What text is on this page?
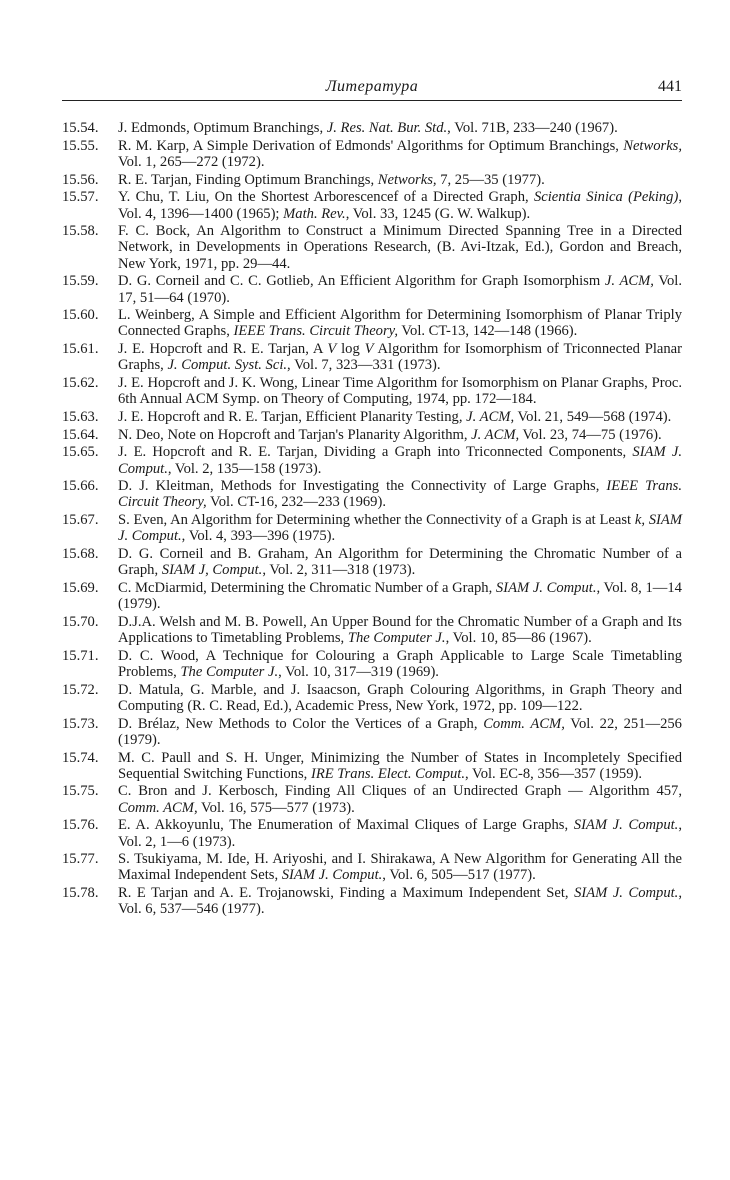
Литература	441
15.54.	J. Edmonds, Optimum Branchings, J. Res. Nat. Bur. Std., Vol. 71B, 233—240 (1967).
15.55.	R. M. Karp, A Simple Derivation of Edmonds' Algorithms for Optimum Branchings, Networks, Vol. 1, 265—272 (1972).
15.56.	R. E. Tarjan, Finding Optimum Branchings, Networks, 7, 25—35 (1977).
15.57.	Y. Chu, T. Liu, On the Shortest Arborescencef of a Directed Graph, Scientia Sinica (Peking), Vol. 4, 1396—1400 (1965); Math. Rev., Vol. 33, 1245 (G. W. Walkup).
15.58.	F. C. Bock, An Algorithm to Construct a Minimum Directed Spanning Tree in a Directed Network, in Developments in Operations Research, (B. Avi-Itzak, Ed.), Gordon and Breach, New York, 1971, pp. 29—44.
15.59.	D. G. Corneil and C. C. Gotlieb, An Efficient Algorithm for Graph Isomorphism J. ACM, Vol. 17, 51—64 (1970).
15.60.	L. Weinberg, A Simple and Efficient Algorithm for Determining Isomorphism of Planar Triply Connected Graphs, IEEE Trans. Circuit Theory, Vol. CT-13, 142—148 (1966).
15.61.	J. E. Hopcroft and R. E. Tarjan, A V log V Algorithm for Isomorphism of Triconnected Planar Graphs, J. Comput. Syst. Sci., Vol. 7, 323—331 (1973).
15.62.	J. E. Hopcroft and J. K. Wong, Linear Time Algorithm for Isomorphism on Planar Graphs, Proc. 6th Annual ACM Symp. on Theory of Computing, 1974, pp. 172—184.
15.63.	J. E. Hopcroft and R. E. Tarjan, Efficient Planarity Testing, J. ACM, Vol. 21, 549—568 (1974).
15.64.	N. Deo, Note on Hopcroft and Tarjan's Planarity Algorithm, J. ACM, Vol. 23, 74—75 (1976).
15.65.	J. E. Hopcroft and R. E. Tarjan, Dividing a Graph into Triconnected Components, SIAM J. Comput., Vol. 2, 135—158 (1973).
15.66.	D. J. Kleitman, Methods for Investigating the Connectivity of Large Graphs, IEEE Trans. Circuit Theory, Vol. CT-16, 232—233 (1969).
15.67.	S. Even, An Algorithm for Determining whether the Connectivity of a Graph is at Least k, SIAM J. Comput., Vol. 4, 393—396 (1975).
15.68.	D. G. Corneil and B. Graham, An Algorithm for Determining the Chromatic Number of a Graph, SIAM J, Comput., Vol. 2, 311—318 (1973).
15.69.	C. McDiarmid, Determining the Chromatic Number of a Graph, SIAM J. Comput., Vol. 8, 1—14 (1979).
15.70.	D.J.A. Welsh and M. B. Powell, An Upper Bound for the Chromatic Number of a Graph and Its Applications to Timetabling Problems, The Computer J., Vol. 10, 85—86 (1967).
15.71.	D. C. Wood, A Technique for Colouring a Graph Applicable to Large Scale Timetabling Problems, The Computer J., Vol. 10, 317—319 (1969).
15.72.	D. Matula, G. Marble, and J. Isaacson, Graph Colouring Algorithms, in Graph Theory and Computing (R. C. Read, Ed.), Academic Press, New York, 1972, pp. 109—122.
15.73.	D. Brélaz, New Methods to Color the Vertices of a Graph, Comm. ACM, Vol. 22, 251—256 (1979).
15.74.	M. C. Paull and S. H. Unger, Minimizing the Number of States in Incompletely Specified Sequential Switching Functions, IRE Trans. Elect. Comput., Vol. EC-8, 356—357 (1959).
15.75.	C. Bron and J. Kerbosch, Finding All Cliques of an Undirected Graph — Algorithm 457, Comm. ACM, Vol. 16, 575—577 (1973).
15.76.	E. A. Akkoyunlu, The Enumeration of Maximal Cliques of Large Graphs, SIAM J. Comput., Vol. 2, 1—6 (1973).
15.77.	S. Tsukiyama, M. Ide, H. Ariyoshi, and I. Shirakawa, A New Algorithm for Generating All the Maximal Independent Sets, SIAM J. Comput., Vol. 6, 505—517 (1977).
15.78.	R. E Tarjan and A. E. Trojanowski, Finding a Maximum Independent Set, SIAM J. Comput., Vol. 6, 537—546 (1977).
